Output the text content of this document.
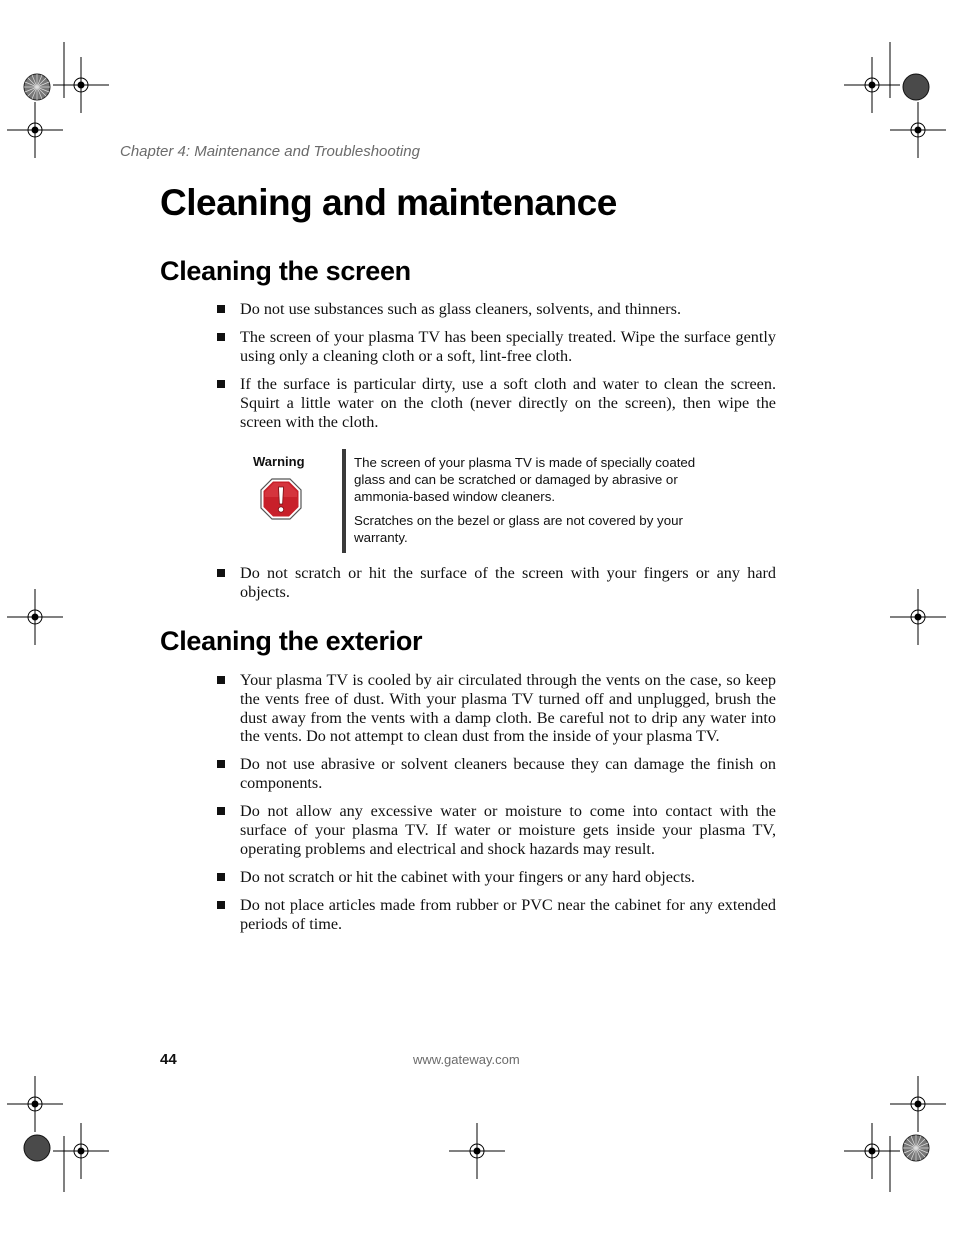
Chapter 4: Maintenance and Troubleshooting
Cleaning and maintenance
Cleaning the screen
Do not use substances such as glass cleaners, solvents, and thinners.
The screen of your plasma TV has been specially treated. Wipe the surface gently using only a cleaning cloth or a soft, lint-free cloth.
If the surface is particular dirty, use a soft cloth and water to clean the screen. Squirt a little water on the cloth (never directly on the screen), then wipe the screen with the cloth.
Warning	The screen of your plasma TV is made of specially coated glass and can be scratched or damaged by abrasive or ammonia-based window cleaners.

Scratches on the bezel or glass are not covered by your warranty.

Do not scratch or hit the surface of the screen with your fingers or any hard objects.
Cleaning the exterior
Your plasma TV is cooled by air circulated through the vents on the case, so keep the vents free of dust. With your plasma TV turned off and unplugged, brush the dust away from the vents with a damp cloth. Be careful not to drip any water into the vents. Do not attempt to clean dust from the inside of your plasma TV.
Do not use abrasive or solvent cleaners because they can damage the finish on components.
Do not allow any excessive water or moisture to come into contact with the surface of your plasma TV. If water or moisture gets inside your plasma TV, operating problems and electrical and shock hazards may result.
Do not scratch or hit the cabinet with your fingers or any hard objects.
Do not place articles made from rubber or PVC near the cabinet for any extended periods of time.
44	www.gateway.com
